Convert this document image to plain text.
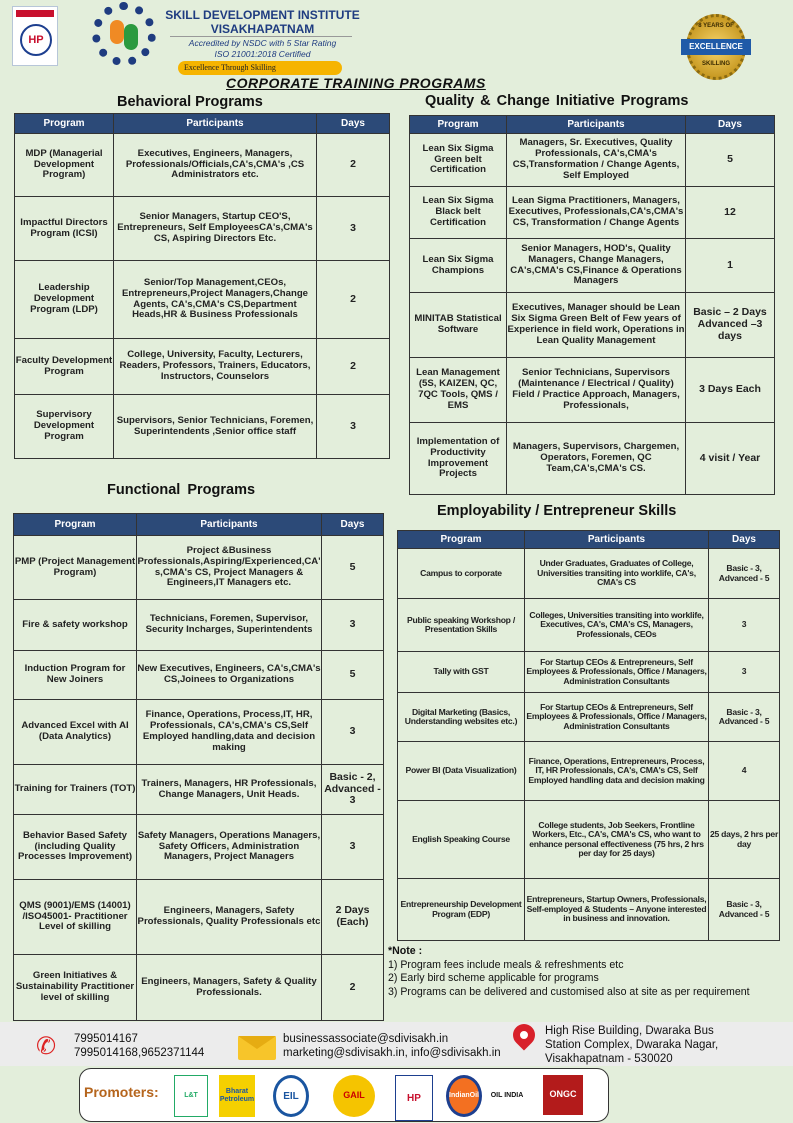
HP
SKILL DEVELOPMENT INSTITUTE
VISAKHAPATNAM
Accredited by NSDC with 5 Star Rating
ISO 21001:2018 Certified
Excellence Through Skilling
8 YEARS OF
EXCELLENCE
SKILLING
CORPORATE TRAINING PROGRAMS
Behavioral Programs	Quality & Change Initiative Programs
Functional Programs
Employability / Entrepreneur Skills
Program	Participants	Days
MDP (Managerial Development Program)	Executives, Engineers, Managers, Professionals/Officials,CA's,CMA's ,CS Administrators etc.	2
Impactful Directors Program (ICSI)	Senior Managers, Startup CEO'S, Entrepreneurs, Self EmployeesCA's,CMA's CS, Aspiring Directors Etc.	3
Leadership Development Program (LDP)	Senior/Top Management,CEOs, Entrepreneurs,Project Managers,Change Agents, CA's,CMA's CS,Department Heads,HR & Business Professionals	2
Faculty Development Program	College, University, Faculty, Lecturers, Readers, Professors, Trainers, Educators, Instructors, Counselors	2
Supervisory Development Program	Supervisors, Senior Technicians, Foremen, Superintendents ,Senior office staff	3
Program	Participants	Days
Lean Six Sigma Green belt Certification	Managers, Sr. Executives, Quality Professionals, CA's,CMA's CS,Transformation / Change Agents, Self Employed	5
Lean Six Sigma Black belt Certification	Lean Sigma Practitioners, Managers, Executives, Professionals,CA's,CMA's CS, Transformation / Change Agents	12
Lean Six Sigma Champions	Senior Managers, HOD's, Quality Managers, Change Managers, CA's,CMA's CS,Finance & Operations Managers	1
MINITAB Statistical Software	Executives, Manager should be Lean Six Sigma Green Belt of Few years of Experience in field work, Operations in Lean Quality Management	Basic – 2 Days Advanced –3 days
Lean Management (5S, KAIZEN, QC, 7QC Tools, QMS / EMS	Senior Technicians, Supervisors (Maintenance / Electrical / Quality) Field / Practice Approach, Managers, Professionals,	3 Days Each
Implementation of Productivity Improvement Projects	Managers, Supervisors, Chargemen, Operators, Foremen, QC Team,CA's,CMA's CS.	4 visit / Year
Program	Participants	Days
PMP (Project Management Program)	Project &Business Professionals,Aspiring/Experienced,CA's,CMA's CS, Project Managers & Engineers,IT Managers etc.	5
Fire & safety workshop	Technicians, Foremen, Supervisor, Security Incharges, Superintendents	3
Induction Program for New Joiners	New Executives, Engineers, CA's,CMA's CS,Joinees to Organizations	5
Advanced Excel with AI (Data Analytics)	Finance, Operations, Process,IT, HR, Professionals, CA's,CMA's CS,Self Employed handling,data and decision making	3
Training for Trainers (TOT)	Trainers, Managers, HR Professionals, Change Managers, Unit Heads.	Basic - 2, Advanced - 3
Behavior Based Safety (including Quality Processes Improvement)	Safety Managers, Operations Managers, Safety Officers, Administration Managers, Project Managers	3
QMS (9001)/EMS (14001) /ISO45001- Practitioner Level of skilling	Engineers, Managers, Safety Professionals, Quality Professionals etc	2 Days (Each)
Green Initiatives & Sustainability Practitioner level of skilling	Engineers, Managers, Safety & Quality Professionals.	2
Program	Participants	Days
Campus to corporate	Under Graduates, Graduates of College, Universities transiting into worklife, CA's, CMA's CS	Basic - 3, Advanced - 5
Public speaking Workshop / Presentation Skills	Colleges, Universities transiting into worklife, Executives, CA's, CMA's CS, Managers, Professionals, CEOs	3
Tally with GST	For Startup CEOs & Entrepreneurs, Self Employees & Professionals, Office / Managers, Administration Consultants	3
Digital Marketing (Basics, Understanding websites etc.)	For Startup CEOs & Entrepreneurs, Self Employees & Professionals, Office / Managers, Administration Consultants	Basic - 3, Advanced - 5
Power BI (Data Visualization)	Finance, Operations, Entrepreneurs, Process, IT, HR Professionals, CA's, CMA's CS, Self Employed handling data and decision making	4
English Speaking Course	College students, Job Seekers, Frontline Workers, Etc., CA's, CMA's CS, who want to enhance personal effectiveness (75 hrs, 2 hrs per day for 25 days)	25 days, 2 hrs per day
Entrepreneurship Development Program (EDP)	Entrepreneurs, Startup Owners, Professionals, Self-employed & Students – Anyone interested in business and innovation.	Basic - 3, Advanced - 5
*Note :
1) Program fees include meals & refreshments etc
2) Early bird scheme applicable for programs
3) Programs can be delivered and customised also at site as per requirement
✆ 7995014167
7995014168,9652371144
businessassociate@sdivisakh.in
marketing@sdivisakh.in, info@sdivisakh.in
High Rise Building, Dwaraka Bus
Station Complex, Dwaraka Nagar,
Visakhapatnam - 530020
Promoters:	L&T
Bharat Petroleum	EIL	GAIL	HP	IndianOil	OIL INDIA	ONGC
